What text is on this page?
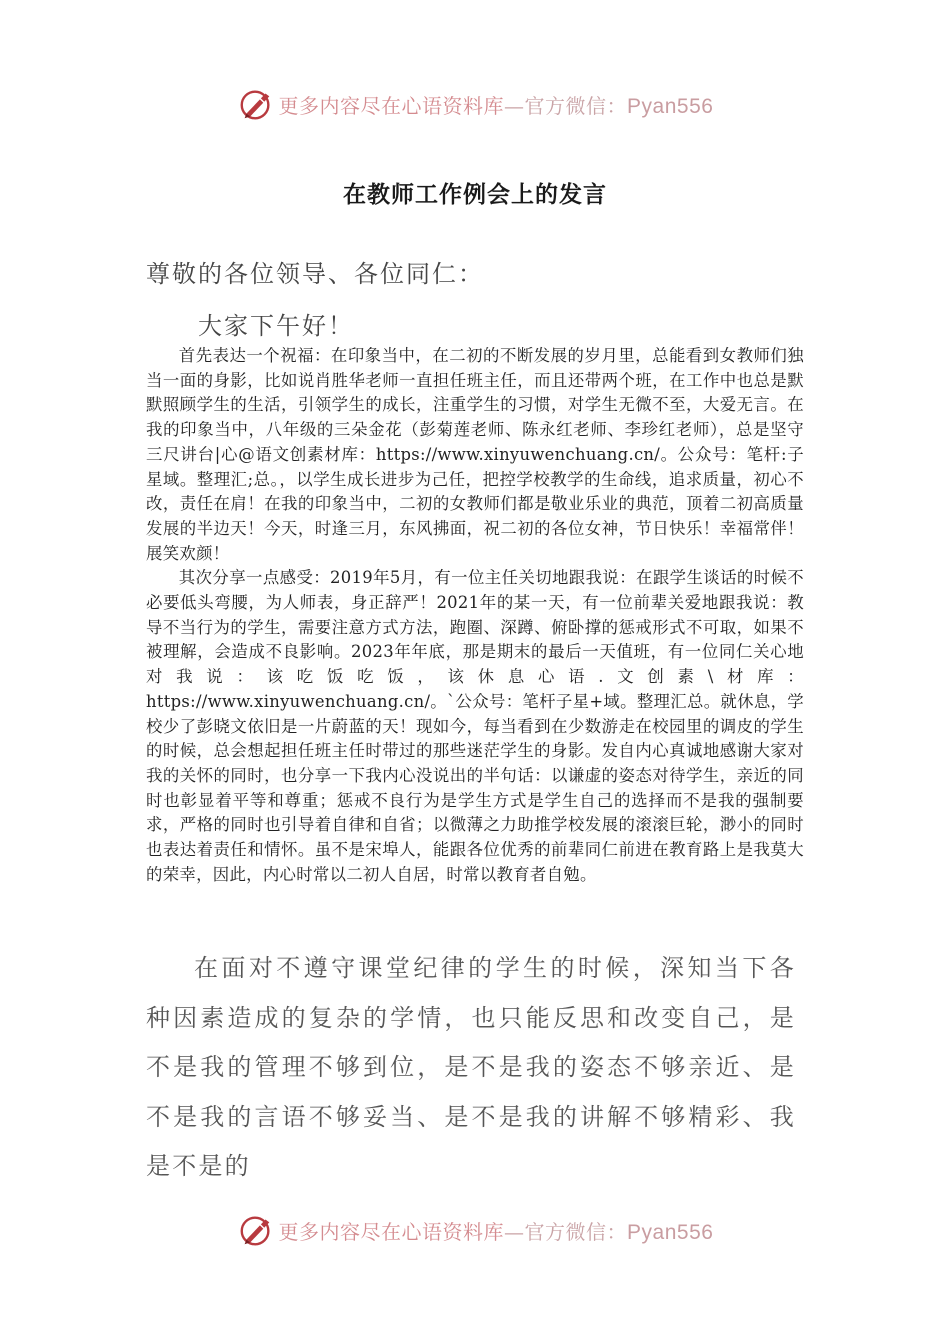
更多内容尽在心语资料库—官方微信：Pyan556
在教师工作例会上的发言
尊敬的各位领导、各位同仁：
大家下午好！

首先表达一个祝福：在印象当中，在二初的不断发展的岁月里，总能看到女教师们独当一面的身影，比如说肖胜华老师一直担任班主任，而且还带两个班，在工作中也总是默默照顾学生的生活，引领学生的成长，注重学生的习惯，对学生无微不至，大爱无言。在我的印象当中，八年级的三朵金花（彭菊莲老师、陈永红老师、李珍红老师），总是坚守三尺讲台|心@语文创素材库：https://www.xinyuwenchuang.cn/。公众号：笔杆:子星域。整理汇;总。，以学生成长进步为己任，把控学校教学的生命线，追求质量，初心不改，责任在肩！在我的印象当中，二初的女教师们都是敬业乐业的典范，顶着二初高质量发展的半边天！今天，时逢三月，东风拂面，祝二初的各位女神，节日快乐！幸福常伴！展笑欢颜！

其次分享一点感受：2019年5月，有一位主任关切地跟我说：在跟学生谈话的时候不必要低头弯腰，为人师表，身正辞严！2021年的某一天，有一位前辈关爱地跟我说：教导不当行为的学生，需要注意方式方法，跑圈、深蹲、俯卧撑的惩戒形式不可取，如果不被理解，会造成不良影响。2023年年底，那是期末的最后一天值班，有一位同仁关心地对我说：该吃饭吃饭，该休息心语.文创素\材库：https://www.xinyuwenchuang.cn/。`公众号：笔杆子星+域。整理汇总。就休息，学校少了彭晓文依旧是一片蔚蓝的天！现如今，每当看到在少数游走在校园里的调皮的学生的时候，总会想起担任班主任时带过的那些迷茫学生的身影。发自内心真诚地感谢大家对我的关怀的同时，也分享一下我内心没说出的半句话：以谦虚的姿态对待学生，亲近的同时也彰显着平等和尊重；惩戒不良行为是学生方式是学生自己的选择而不是我的强制要求，严格的同时也引导着自律和自省；以微薄之力助推学校发展的滚滚巨轮，渺小的同时也表达着责任和情怀。虽不是宋埠人，能跟各位优秀的前辈同仁前进在教育路上是我莫大的荣幸，因此，内心时常以二初人自居，时常以教育者自勉。

在面对不遵守课堂纪律的学生的时候，深知当下各种因素造成的复杂的学情，也只能反思和改变自己，是不是我的管理不够到位，是不是我的姿态不够亲近、是不是我的言语不够妥当、是不是我的讲解不够精彩、我是不是的

更多内容尽在心语资料库—官方微信：Pyan556
